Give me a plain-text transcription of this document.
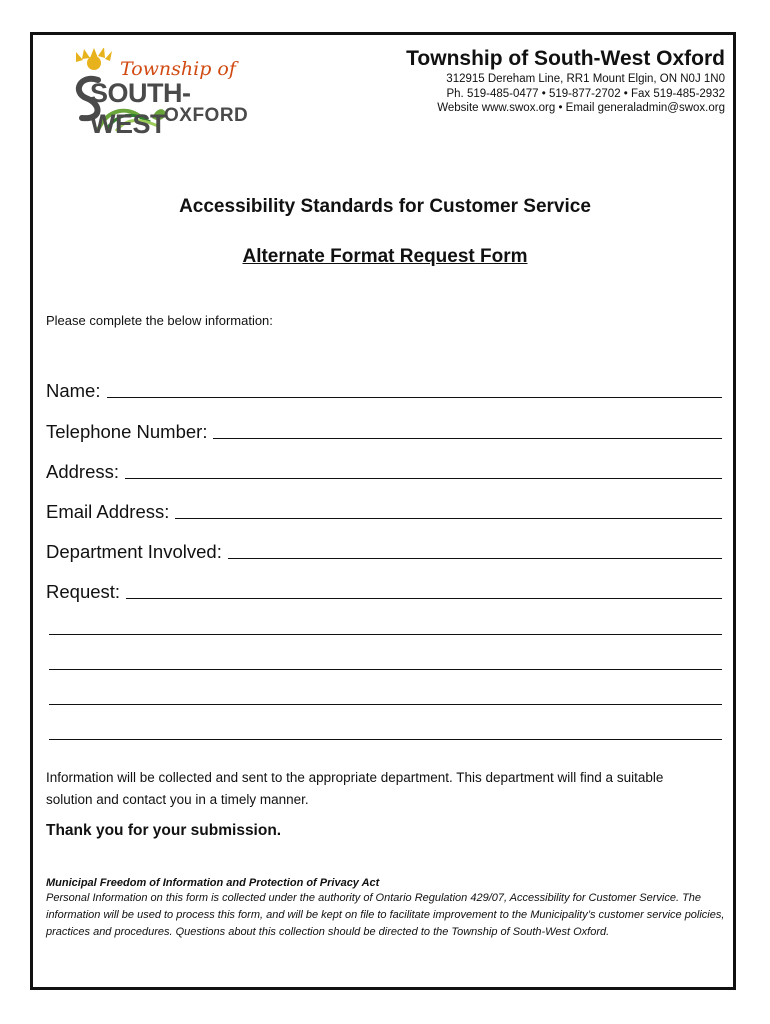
Township of
SOUTH-WEST
OXFORD
Township of South-West Oxford
312915 Dereham Line, RR1 Mount Elgin, ON N0J 1N0
Ph. 519-485-0477 • 519-877-2702 • Fax 519-485-2932
Website www.swox.org • Email generaladmin@swox.org
Accessibility Standards for Customer Service
Alternate Format Request Form
Please complete the below information:
Name:
Telephone Number:
Address:
Email Address:
Department Involved:
Request:
Information will be collected and sent to the appropriate department. This department will find a suitable solution and contact you in a timely manner.
Thank you for your submission.
Municipal Freedom of Information and Protection of Privacy Act
Personal Information on this form is collected under the authority of Ontario Regulation 429/07, Accessibility for Customer Service. The information will be used to process this form, and will be kept on file to facilitate improvement to the Municipality’s customer service policies, practices and procedures. Questions about this collection should be directed to the Township of South-West Oxford.
